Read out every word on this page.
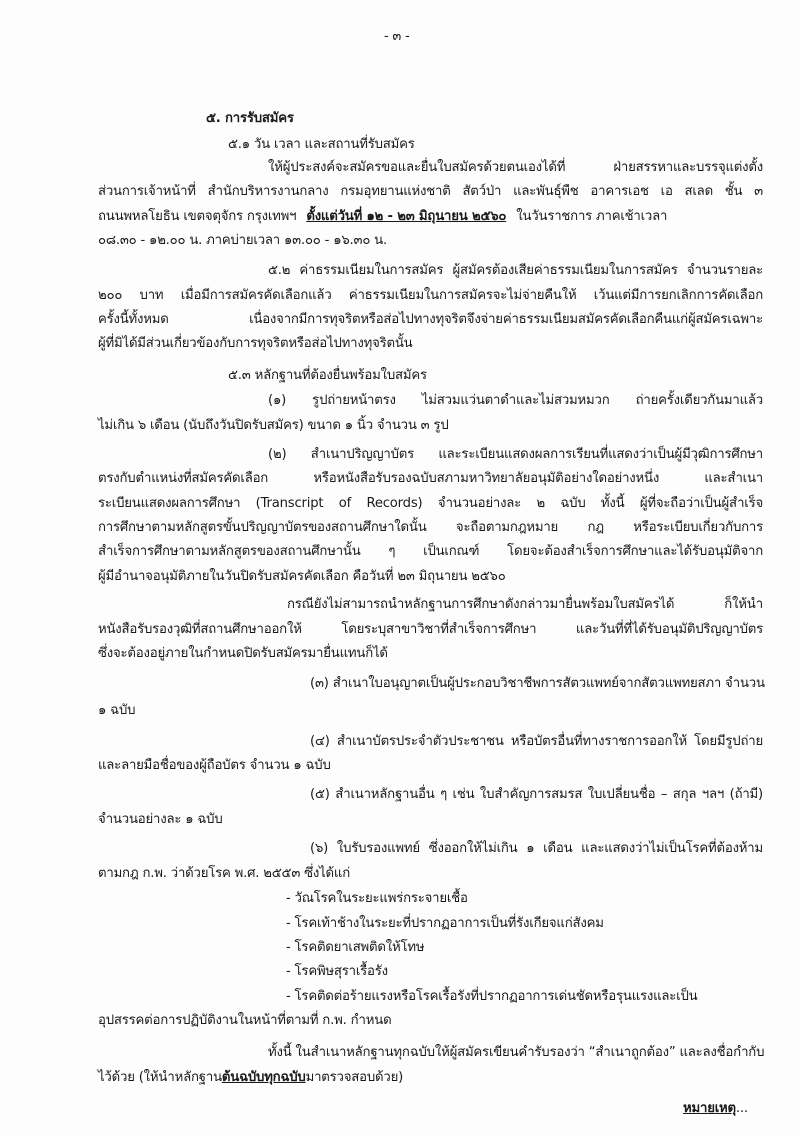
- ๓ -
๕. การรับสมัคร
๕.๑ วัน เวลา และสถานที่รับสมัคร
ให้ผู้ประสงค์จะสมัครขอและยื่นใบสมัครด้วยตนเองได้ที่ ฝ่ายสรรหาและบรรจุแต่งตั้ง
ส่วนการเจ้าหน้าที่ สำนักบริหารงานกลาง กรมอุทยานแห่งชาติ สัตว์ป่า และพันธุ์พืช อาคารเอช เอ สเลด ชั้น ๓
ถนนพหลโยธิน เขตจตุจักร กรุงเทพฯ ตั้งแต่วันที่ ๑๒ - ๒๓ มิถุนายน ๒๕๖๐ ในวันราชการ ภาคเช้าเวลา
๐๘.๓๐ - ๑๒.๐๐ น. ภาคบ่ายเวลา ๑๓.๐๐ - ๑๖.๓๐ น.
๕.๒ ค่าธรรมเนียมในการสมัคร ผู้สมัครต้องเสียค่าธรรมเนียมในการสมัคร จำนวนรายละ
๒๐๐ บาท เมื่อมีการสมัครคัดเลือกแล้ว ค่าธรรมเนียมในการสมัครจะไม่จ่ายคืนให้ เว้นแต่มีการยกเลิกการคัดเลือก
ครั้งนี้ทั้งหมด เนื่องจากมีการทุจริตหรือส่อไปทางทุจริตจึงจ่ายค่าธรรมเนียมสมัครคัดเลือกคืนแก่ผู้สมัครเฉพาะ
ผู้ที่มิได้มีส่วนเกี่ยวข้องกับการทุจริตหรือส่อไปทางทุจริตนั้น
๕.๓ หลักฐานที่ต้องยื่นพร้อมใบสมัคร
(๑) รูปถ่ายหน้าตรง ไม่สวมแว่นตาดำและไม่สวมหมวก ถ่ายครั้งเดียวกันมาแล้ว
ไม่เกิน ๖ เดือน (นับถึงวันปิดรับสมัคร) ขนาด ๑ นิ้ว จำนวน ๓ รูป
(๒) สำเนาปริญญาบัตร และระเบียนแสดงผลการเรียนที่แสดงว่าเป็นผู้มีวุฒิการศึกษา
ตรงกับตำแหน่งที่สมัครคัดเลือก หรือหนังสือรับรองฉบับสภามหาวิทยาลัยอนุมัติอย่างใดอย่างหนึ่ง และสำเนา
ระเบียนแสดงผลการศึกษา (Transcript of Records) จำนวนอย่างละ ๒ ฉบับ ทั้งนี้ ผู้ที่จะถือว่าเป็นผู้สำเร็จ
การศึกษาตามหลักสูตรขั้นปริญญาบัตรของสถานศึกษาใดนั้น จะถือตามกฎหมาย กฎ หรือระเบียบเกี่ยวกับการ
สำเร็จการศึกษาตามหลักสูตรของสถานศึกษานั้น ๆ เป็นเกณฑ์ โดยจะต้องสำเร็จการศึกษาและได้รับอนุมัติจาก
ผู้มีอำนาจอนุมัติภายในวันปิดรับสมัครคัดเลือก คือวันที่ ๒๓ มิถุนายน ๒๕๖๐
กรณียังไม่สามารถนำหลักฐานการศึกษาดังกล่าวมายื่นพร้อมใบสมัครได้ ก็ให้นำ
หนังสือรับรองวุฒิที่สถานศึกษาออกให้ โดยระบุสาขาวิชาที่สำเร็จการศึกษา และวันที่ที่ได้รับอนุมัติปริญญาบัตร
ซึ่งจะต้องอยู่ภายในกำหนดปิดรับสมัครมายื่นแทนก็ได้
(๓) สำเนาใบอนุญาตเป็นผู้ประกอบวิชาชีพการสัตวแพทย์จากสัตวแพทยสภา จำนวน
๑ ฉบับ
(๔) สำเนาบัตรประจำตัวประชาชน หรือบัตรอื่นที่ทางราชการออกให้ โดยมีรูปถ่าย
และลายมือชื่อของผู้ถือบัตร จำนวน ๑ ฉบับ
(๕) สำเนาหลักฐานอื่น ๆ เช่น ใบสำคัญการสมรส ใบเปลี่ยนชื่อ – สกุล ฯลฯ (ถ้ามี)
จำนวนอย่างละ ๑ ฉบับ
(๖) ใบรับรองแพทย์ ซึ่งออกให้ไม่เกิน ๑ เดือน และแสดงว่าไม่เป็นโรคที่ต้องห้าม
ตามกฎ ก.พ. ว่าด้วยโรค พ.ศ. ๒๕๕๓ ซึ่งได้แก่
- วัณโรคในระยะแพร่กระจายเชื้อ
- โรคเท้าช้างในระยะที่ปรากฏอาการเป็นที่รังเกียจแก่สังคม
- โรคติดยาเสพติดให้โทษ
- โรคพิษสุราเรื้อรัง
- โรคติดต่อร้ายแรงหรือโรคเรื้อรังที่ปรากฏอาการเด่นชัดหรือรุนแรงและเป็น
อุปสรรคต่อการปฏิบัติงานในหน้าที่ตามที่ ก.พ. กำหนด
ทั้งนี้ ในสำเนาหลักฐานทุกฉบับให้ผู้สมัครเขียนคำรับรองว่า “สำเนาถูกต้อง” และลงชื่อกำกับ
ไว้ด้วย (ให้นำหลักฐานต้นฉบับทุกฉบับมาตรวจสอบด้วย)
หมายเหตุ...
